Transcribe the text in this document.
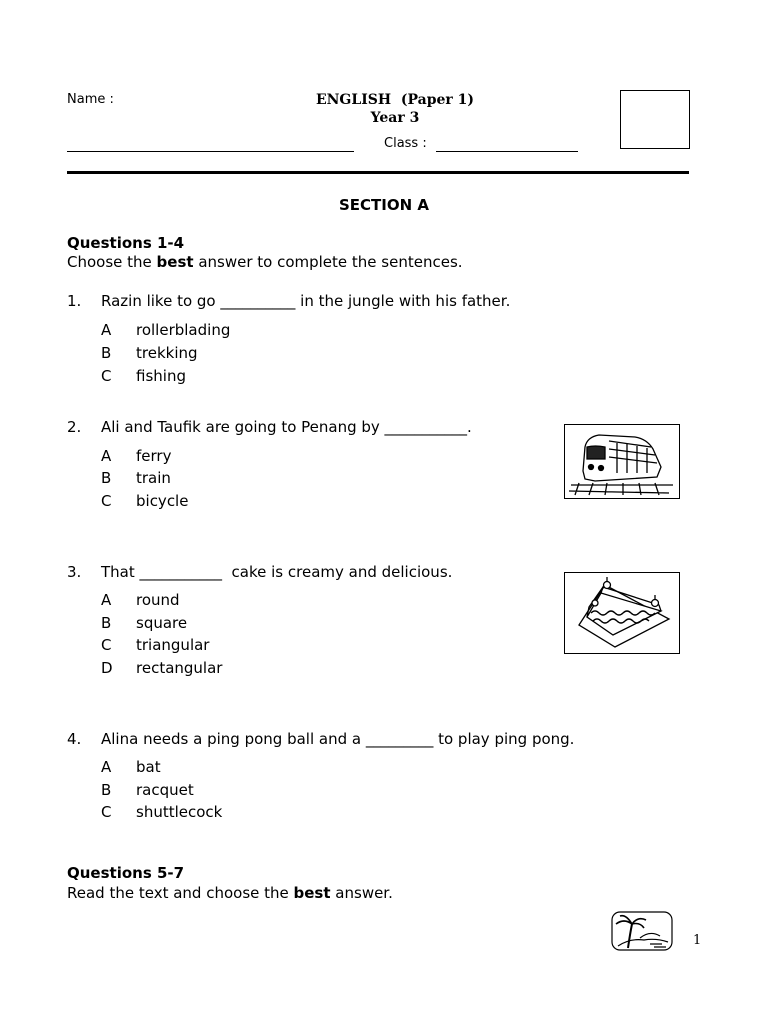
Name :	ENGLISH  (Paper 1)
Year 3
Class :
SECTION A
Questions 1-4
Choose the best answer to complete the sentences.
1. Razin like to go __________ in the jungle with his father.
A rollerblading
B trekking
C fishing
2. Ali and Taufik are going to Penang by ___________.
A ferry
B train
C bicycle
3. That ___________  cake is creamy and delicious.
A round
B square
C triangular
D rectangular
4. Alina needs a ping pong ball and a _________ to play ping pong.
A bat
B racquet
C shuttlecock
Questions 5-7
Read the text and choose the best answer.
1
